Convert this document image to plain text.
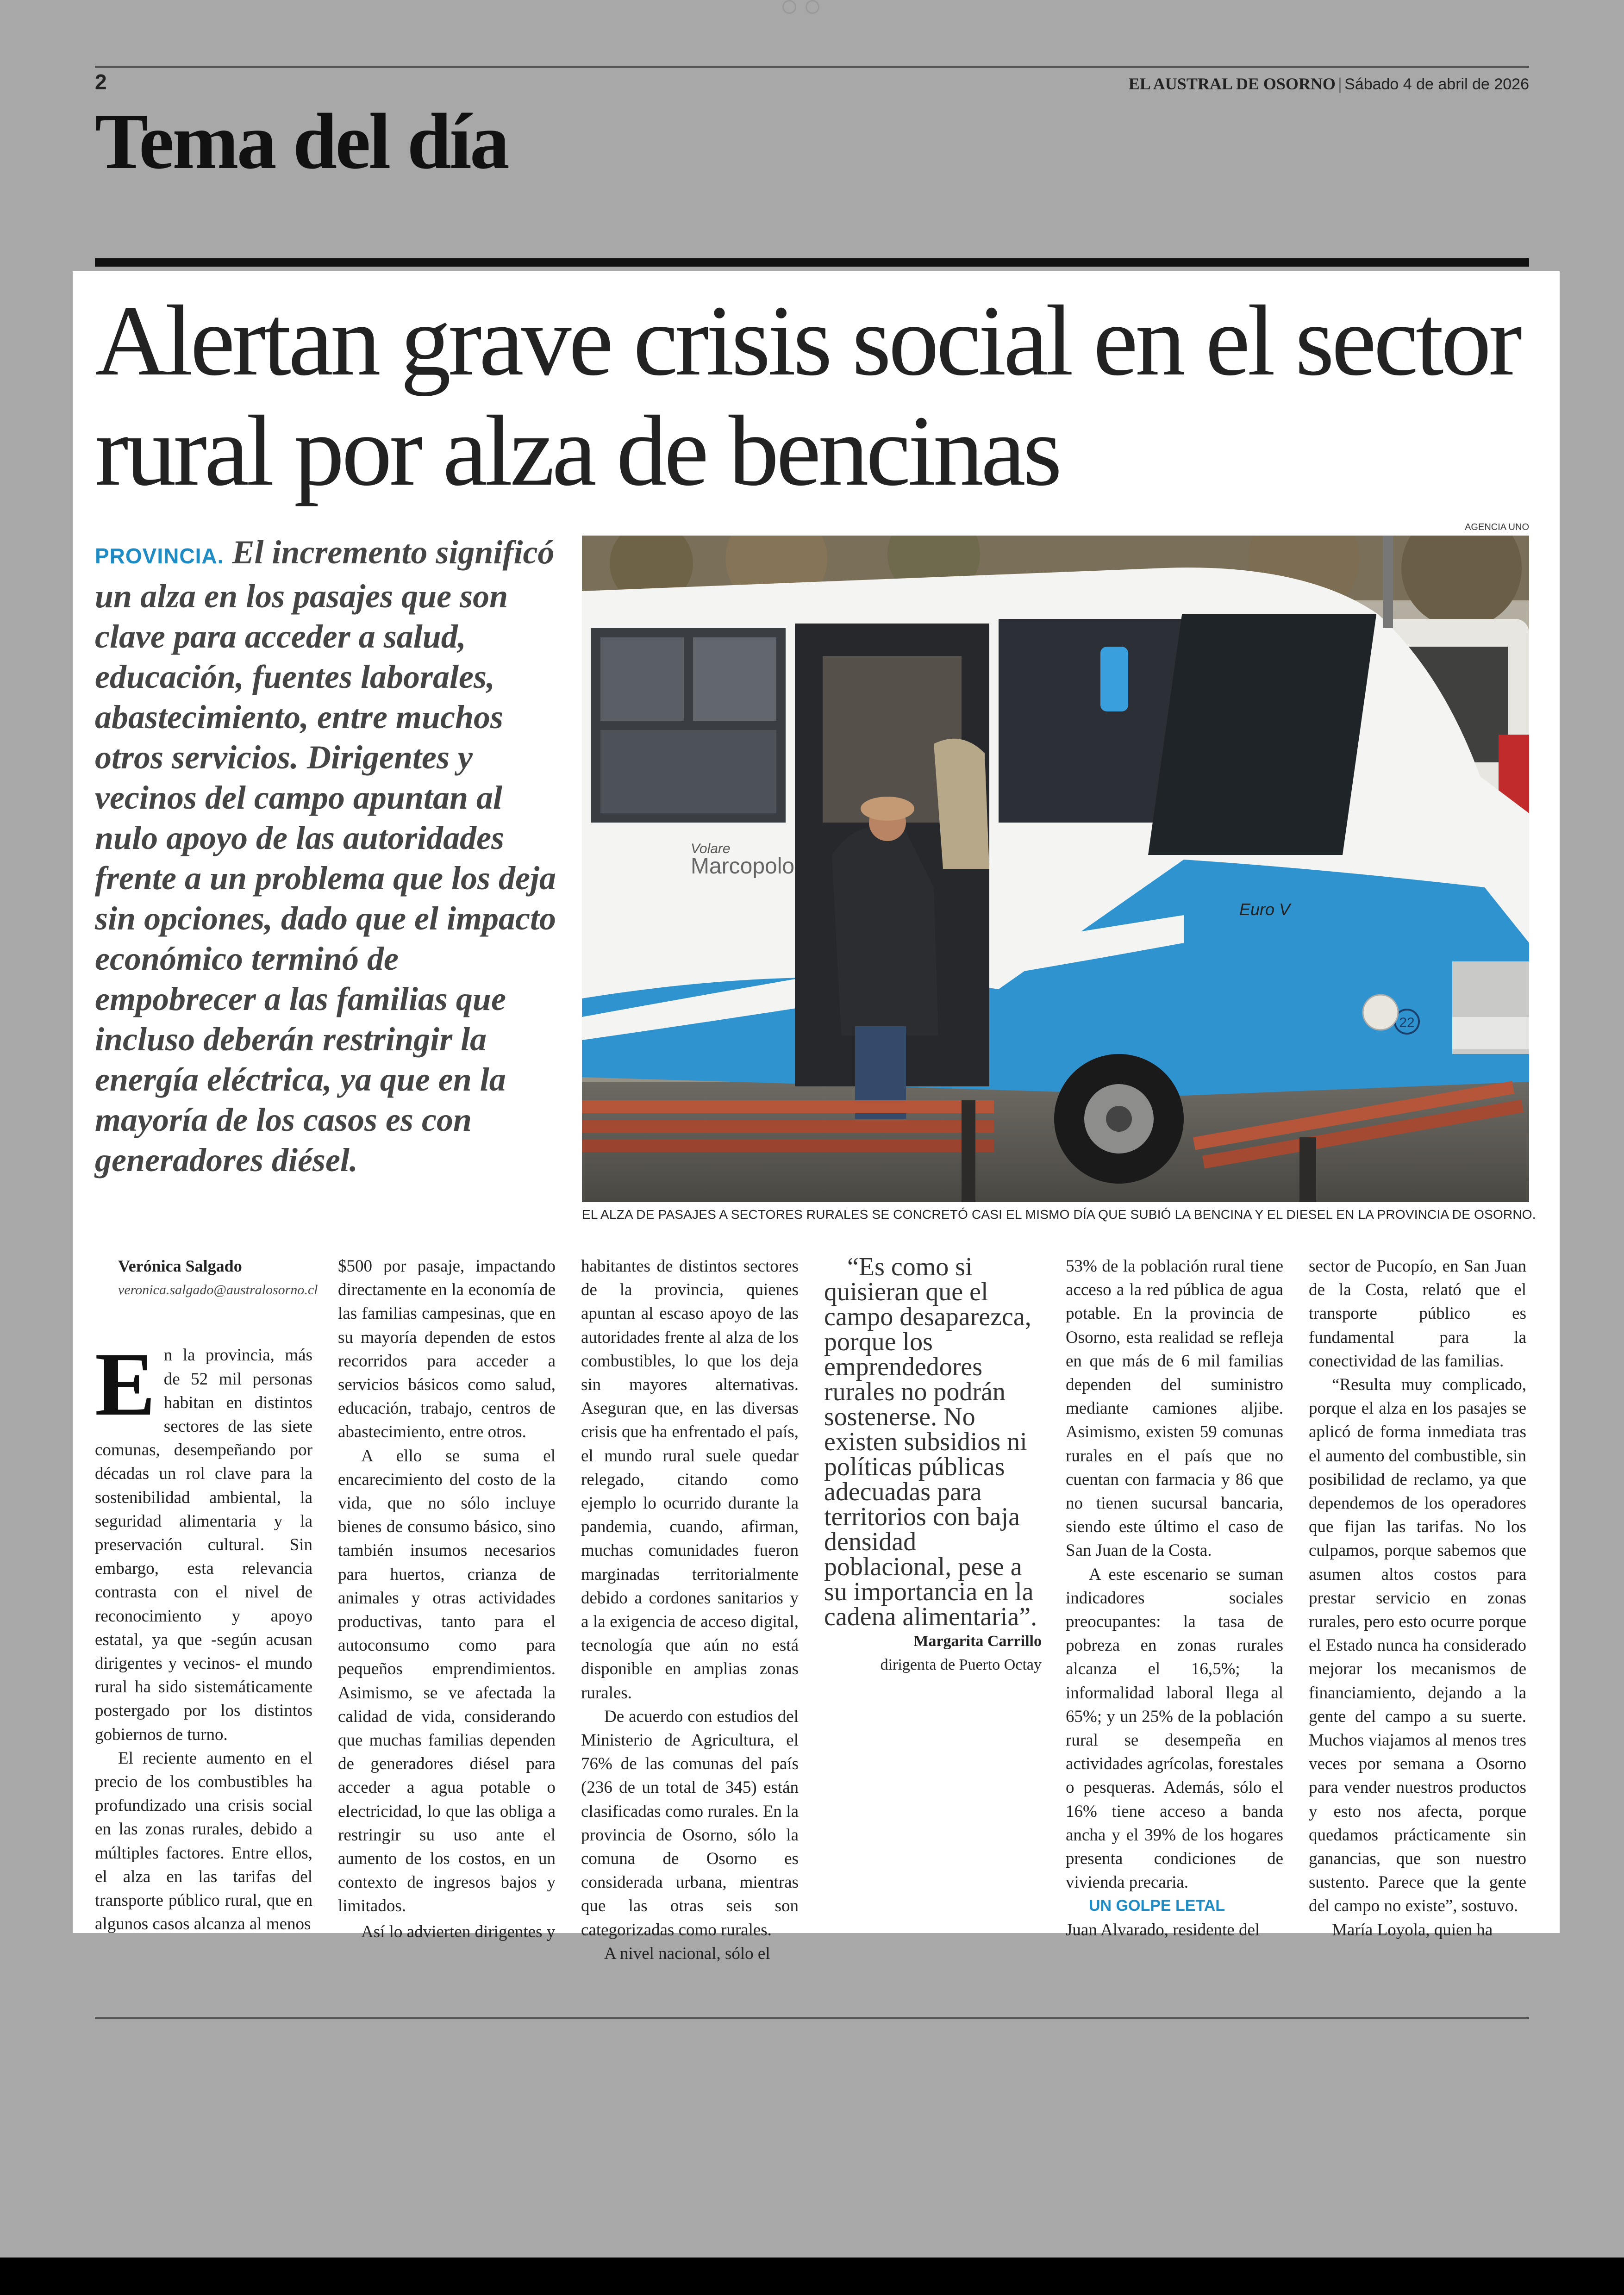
2	EL AUSTRAL DE OSORNO | Sábado 4 de abril de 2026
Tema del día
Alertan grave crisis social en el sector rural por alza de bencinas
PROVINCIA. El incremento significó un alza en los pasajes que son clave para acceder a salud, educación, fuentes laborales, abastecimiento, entre muchos otros servicios. Dirigentes y vecinos del campo apuntan al nulo apoyo de las autoridades frente a un problema que los deja sin opciones, dado que el impacto económico terminó de empobrecer a las familias que incluso deberán restringir la energía eléctrica, ya que en la mayoría de los casos es con generadores diésel.
AGENCIA UNO
Volare
Marcopolo
Euro V
22
EL ALZA DE PASAJES A SECTORES RURALES SE CONCRETÓ CASI EL MISMO DÍA QUE SUBIÓ LA BENCINA Y EL DIESEL EN LA PROVINCIA DE OSORNO.

Verónica Salgado

veronica.salgado@australosorno.cl

En la provincia, más de 52 mil personas habitan en distintos sectores de las siete comunas, desempeñando por décadas un rol clave para la sostenibilidad ambiental, la seguridad alimentaria y la preservación cultural. Sin embargo, esta relevancia contrasta con el nivel de reconocimiento y apoyo estatal, ya que -según acusan dirigentes y vecinos- el mundo rural ha sido sistemáticamente postergado por los distintos gobiernos de turno.

El reciente aumento en el precio de los combustibles ha profundizado una crisis social en las zonas rurales, debido a múltiples factores. Entre ellos, el alza en las tarifas del transporte público rural, que en algunos casos alcanza al menos

$500 por pasaje, impactando directamente en la economía de las familias campesinas, que en su mayoría dependen de estos recorridos para acceder a servicios básicos como salud, educación, trabajo, centros de abastecimiento, entre otros.

A ello se suma el encarecimiento del costo de la vida, que no sólo incluye bienes de consumo básico, sino también insumos necesarios para huertos, crianza de animales y otras actividades productivas, tanto para el autoconsumo como para pequeños emprendimientos. Asimismo, se ve afectada la calidad de vida, considerando que muchas familias dependen de generadores diésel para acceder a agua potable o electricidad, lo que las obliga a restringir su uso ante el aumento de los costos, en un contexto de ingresos bajos y limitados.

Así lo advierten dirigentes y

habitantes de distintos sectores de la provincia, quienes apuntan al escaso apoyo de las autoridades frente al alza de los combustibles, lo que los deja sin mayores alternativas. Aseguran que, en las diversas crisis que ha enfrentado el país, el mundo rural suele quedar relegado, citando como ejemplo lo ocurrido durante la pandemia, cuando, afirman, muchas comunidades fueron marginadas territorialmente debido a cordones sanitarios y a la exigencia de acceso digital, tecnología que aún no está disponible en amplias zonas rurales.

De acuerdo con estudios del Ministerio de Agricultura, el 76% de las comunas del país (236 de un total de 345) están clasificadas como rurales. En la provincia de Osorno, sólo la comuna de Osorno es considerada urbana, mientras que las otras seis son categorizadas como rurales.

A nivel nacional, sólo el

“Es como si quisieran que el campo desaparezca, porque los emprendedores rurales no podrán sostenerse. No existen subsidios ni políticas públicas adecuadas para territorios con baja densidad poblacional, pese a su importancia en la cadena alimentaria”.

Margarita Carrillo

dirigenta de Puerto Octay

53% de la población rural tiene acceso a la red pública de agua potable. En la provincia de Osorno, esta realidad se refleja en que más de 6 mil familias dependen del suministro mediante camiones aljibe. Asimismo, existen 59 comunas rurales en el país que no cuentan con farmacia y 86 que no tienen sucursal bancaria, siendo este último el caso de San Juan de la Costa.

A este escenario se suman indicadores sociales preocupantes: la tasa de pobreza en zonas rurales alcanza el 16,5%; la informalidad laboral llega al 65%; y un 25% de la población rural se desempeña en actividades agrícolas, forestales o pesqueras. Además, sólo el 16% tiene acceso a banda ancha y el 39% de los hogares presenta condiciones de vivienda precaria.

UN GOLPE LETAL

Juan Alvarado, residente del

sector de Pucopío, en San Juan de la Costa, relató que el transporte público es fundamental para la conectividad de las familias.

“Resulta muy complicado, porque el alza en los pasajes se aplicó de forma inmediata tras el aumento del combustible, sin posibilidad de reclamo, ya que dependemos de los operadores que fijan las tarifas. No los culpamos, porque sabemos que asumen altos costos para prestar servicio en zonas rurales, pero esto ocurre porque el Estado nunca ha considerado mejorar los mecanismos de financiamiento, dejando a la gente del campo a su suerte. Muchos viajamos al menos tres veces por semana a Osorno para vender nuestros productos y esto nos afecta, porque quedamos prácticamente sin ganancias, que son nuestro sustento. Parece que la gente del campo no existe”, sostuvo.

María Loyola, quien ha
